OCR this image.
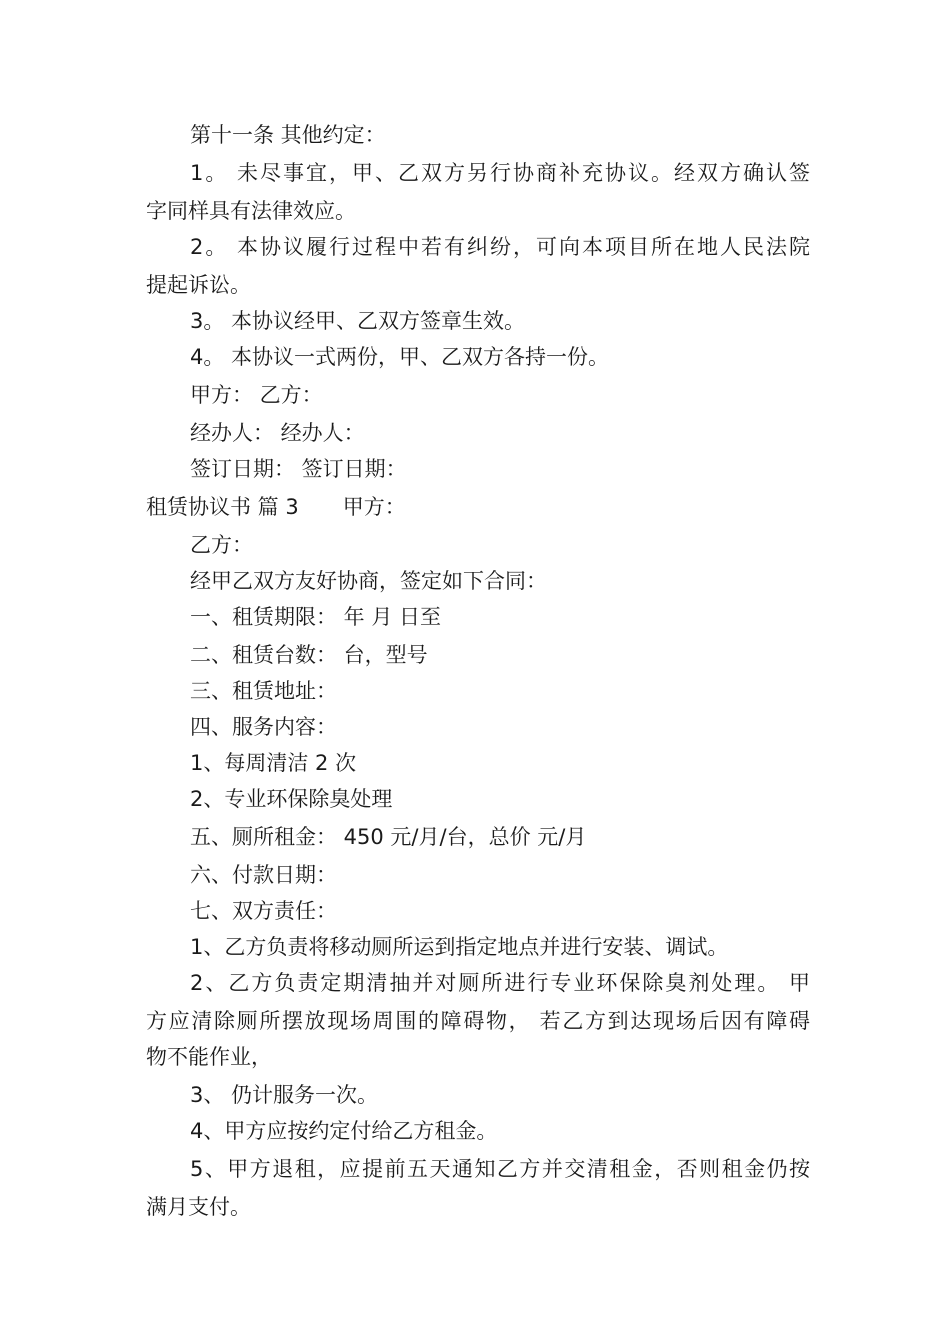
第十一条 其他约定：
1。 未尽事宜，甲、乙双方另行协商补充协议。经双方确认签
字同样具有法律效应。
2。 本协议履行过程中若有纠纷，可向本项目所在地人民法院
提起诉讼。
3。 本协议经甲、乙双方签章生效。
4。 本协议一式两份，甲、乙双方各持一份。
甲方： 乙方：
经办人： 经办人：
签订日期： 签订日期：
租赁协议书 篇 3 甲方：
乙方：
经甲乙双方友好协商，签定如下合同：
一、租赁期限： 年 月 日至
二、租赁台数： 台，型号
三、租赁地址：
四、服务内容：
1、每周清洁 2 次
2、专业环保除臭处理
五、厕所租金： 450 元/月/台，总价 元/月
六、付款日期：
七、双方责任：
1、乙方负责将移动厕所运到指定地点并进行安装、调试。
2、乙方负责定期清抽并对厕所进行专业环保除臭剂处理。 甲
方应清除厕所摆放现场周围的障碍物， 若乙方到达现场后因有障碍
物不能作业，
3、 仍计服务一次。
4、甲方应按约定付给乙方租金。
5、甲方退租，应提前五天通知乙方并交清租金，否则租金仍按
满月支付。
